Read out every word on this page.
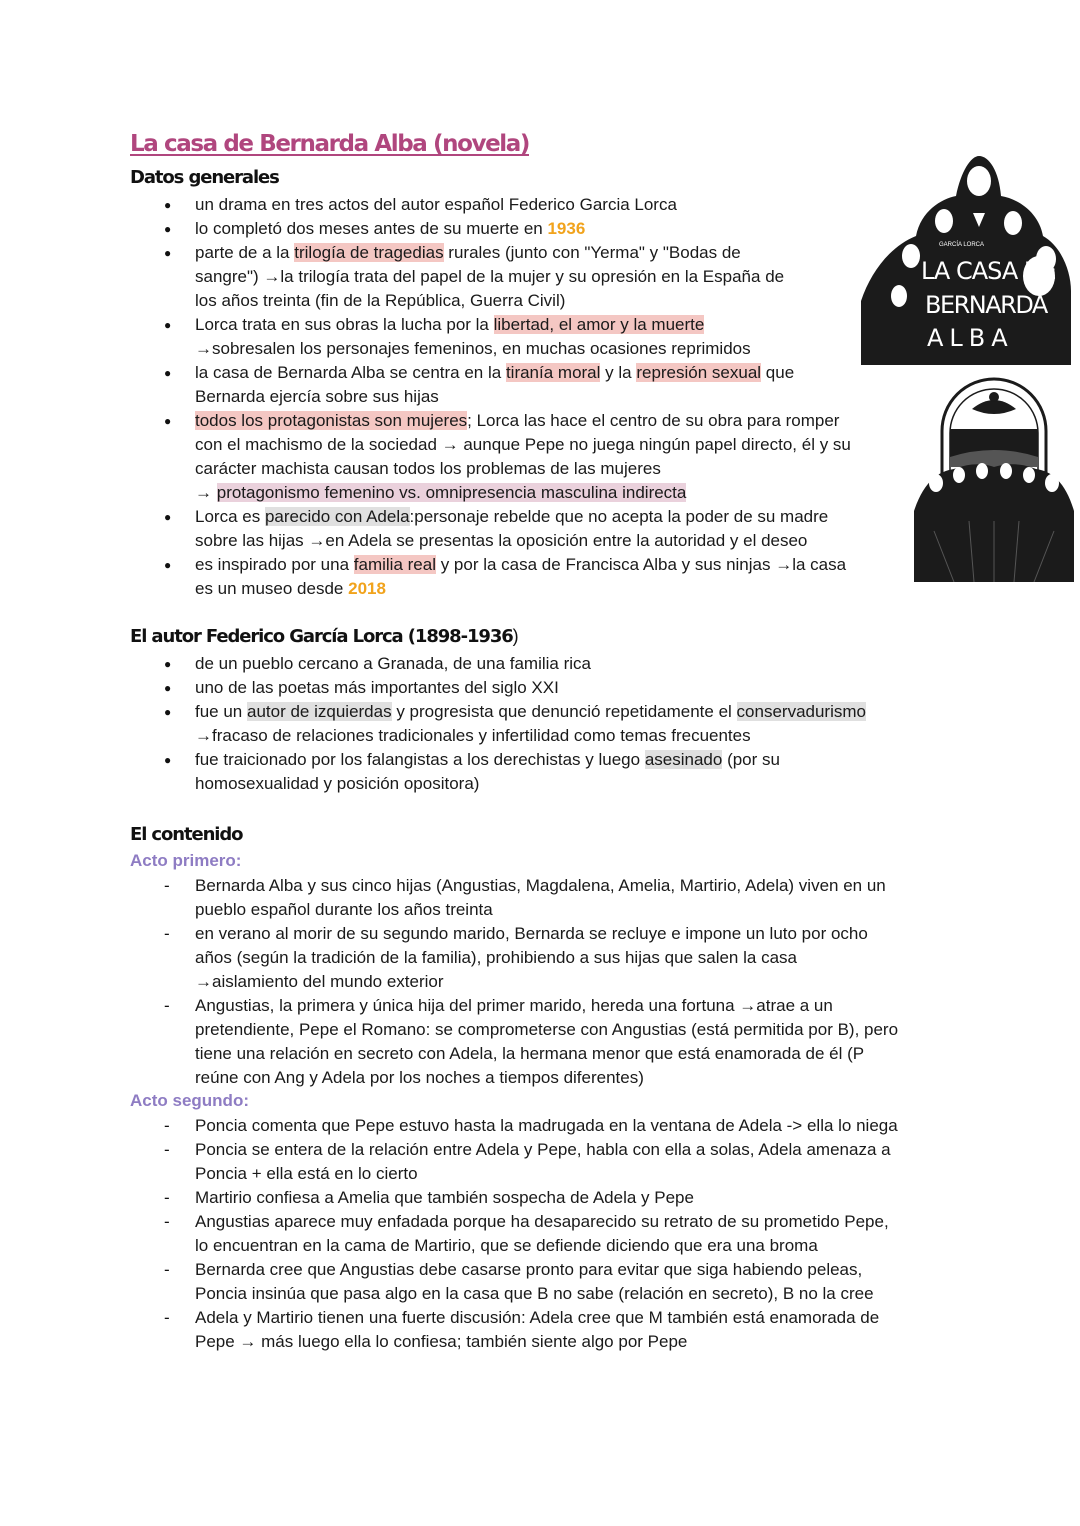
La casa de Bernarda Alba (novela)
GARCÍA LORCA
LA CASA DE
BERNARDA
ALBA
Datos generales
● un drama en tres actos del autor español Federico Garcia Lorca
● lo completó dos meses antes de su muerte en 1936
● parte de a la trilogía de tragedias rurales (junto con "Yerma" y "Bodas de
sangre") →la trilogía trata del papel de la mujer y su opresión en la España de
los años treinta (fin de la República, Guerra Civil)
● Lorca trata en sus obras la lucha por la libertad, el amor y la muerte
→sobresalen los personajes femeninos, en muchas ocasiones reprimidos
● la casa de Bernarda Alba se centra en la tiranía moral y la represión sexual que
Bernarda ejercía sobre sus hijas
● todos los protagonistas son mujeres; Lorca las hace el centro de su obra para romper
con el machismo de la sociedad → aunque Pepe no juega ningún papel directo, él y su
carácter machista causan todos los problemas de las mujeres
→ protagonismo femenino vs. omnipresencia masculina indirecta
● Lorca es parecido con Adela:personaje rebelde que no acepta la poder de su madre
sobre las hijas →en Adela se presentas la oposición entre la autoridad y el deseo
● es inspirado por una familia real y por la casa de Francisca Alba y sus ninjas →la casa
es un museo desde 2018
El autor Federico García Lorca (1898-1936)
● de un pueblo cercano a Granada, de una familia rica
● uno de las poetas más importantes del siglo XXI
● fue un autor de izquierdas y progresista que denunció repetidamente el conservadurismo
→fracaso de relaciones tradicionales y infertilidad como temas frecuentes
● fue traicionado por los falangistas a los derechistas y luego asesinado (por su
homosexualidad y posición opositora)
El contenido
Acto primero:
- Bernarda Alba y sus cinco hijas (Angustias, Magdalena, Amelia, Martirio, Adela) viven en un
pueblo español durante los años treinta
- en verano al morir de su segundo marido, Bernarda se recluye e impone un luto por ocho
años (según la tradición de la familia), prohibiendo a sus hijas que salen la casa
→aislamiento del mundo exterior
- Angustias, la primera y única hija del primer marido, hereda una fortuna →atrae a un
pretendiente, Pepe el Romano: se comprometerse con Angustias (está permitida por B), pero
tiene una relación en secreto con Adela, la hermana menor que está enamorada de él (P
reúne con Ang y Adela por los noches a tiempos diferentes)
Acto segundo:
- Poncia comenta que Pepe estuvo hasta la madrugada en la ventana de Adela -> ella lo niega
- Poncia se entera de la relación entre Adela y Pepe, habla con ella a solas, Adela amenaza a
Poncia + ella está en lo cierto
- Martirio confiesa a Amelia que también sospecha de Adela y Pepe
- Angustias aparece muy enfadada porque ha desaparecido su retrato de su prometido Pepe,
lo encuentran en la cama de Martirio, que se defiende diciendo que era una broma
- Bernarda cree que Angustias debe casarse pronto para evitar que siga habiendo peleas,
Poncia insinúa que pasa algo en la casa que B no sabe (relación en secreto), B no la cree
- Adela y Martirio tienen una fuerte discusión: Adela cree que M también está enamorada de
Pepe → más luego ella lo confiesa; también siente algo por Pepe
